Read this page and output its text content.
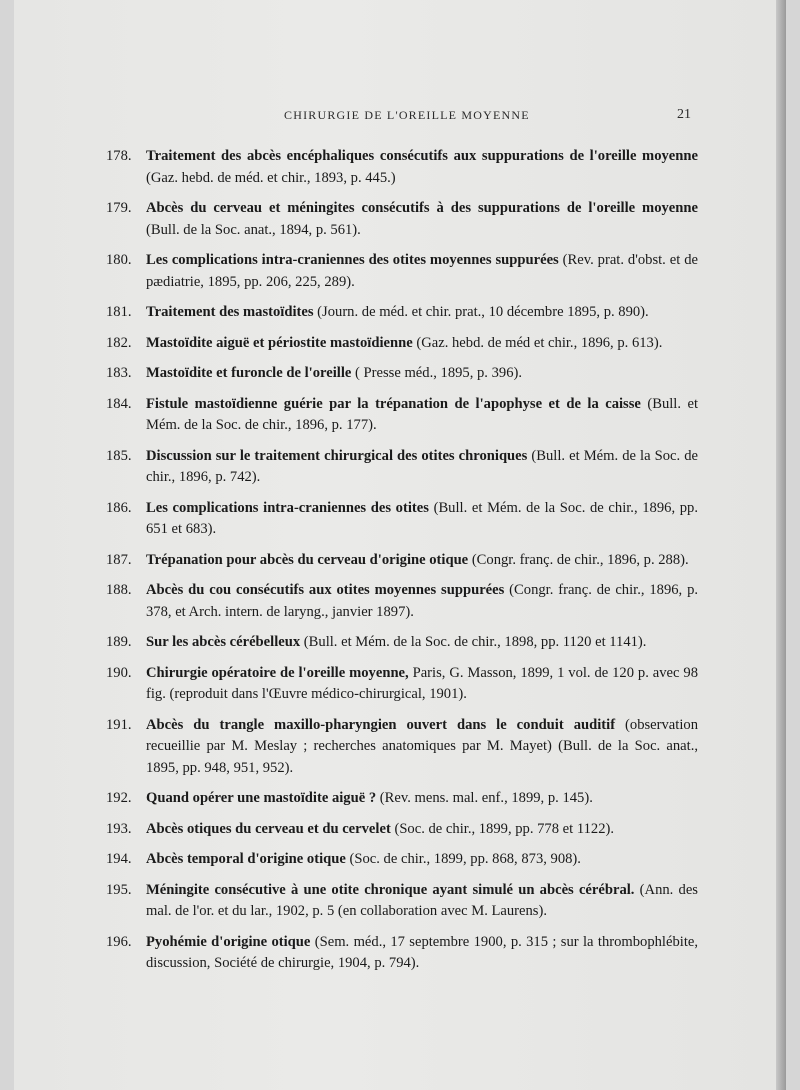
CHIRURGIE DE L'OREILLE MOYENNE	21
178. Traitement des abcès encéphaliques consécutifs aux suppurations de l'oreille moyenne (Gaz. hebd. de méd. et chir., 1893, p. 445.)
179. Abcès du cerveau et méningites consécutifs à des suppurations de l'oreille moyenne (Bull. de la Soc. anat., 1894, p. 561).
180. Les complications intra-craniennes des otites moyennes suppurées (Rev. prat. d'obst. et de pædiatrie, 1895, pp. 206, 225, 289).
181. Traitement des mastoïdites (Journ. de méd. et chir. prat., 10 décembre 1895, p. 890).
182. Mastoïdite aiguë et périostite mastoïdienne (Gaz. hebd. de méd et chir., 1896, p. 613).
183. Mastoïdite et furoncle de l'oreille ( Presse méd., 1895, p. 396).
184. Fistule mastoïdienne guérie par la trépanation de l'apophyse et de la caisse (Bull. et Mém. de la Soc. de chir., 1896, p. 177).
185. Discussion sur le traitement chirurgical des otites chroniques (Bull. et Mém. de la Soc. de chir., 1896, p. 742).
186. Les complications intra-craniennes des otites (Bull. et Mém. de la Soc. de chir., 1896, pp. 651 et 683).
187. Trépanation pour abcès du cerveau d'origine otique (Congr. franç. de chir., 1896, p. 288).
188. Abcès du cou consécutifs aux otites moyennes suppurées (Congr. franç. de chir., 1896, p. 378, et Arch. intern. de laryng., janvier 1897).
189. Sur les abcès cérébelleux (Bull. et Mém. de la Soc. de chir., 1898, pp. 1120 et 1141).
190. Chirurgie opératoire de l'oreille moyenne, Paris, G. Masson, 1899, 1 vol. de 120 p. avec 98 fig. (reproduit dans l'Œuvre médico-chirurgical, 1901).
191. Abcès du trangle maxillo-pharyngien ouvert dans le conduit auditif (observation recueillie par M. Meslay ; recherches anatomiques par M. Mayet) (Bull. de la Soc. anat., 1895, pp. 948, 951, 952).
192. Quand opérer une mastoïdite aiguë ? (Rev. mens. mal. enf., 1899, p. 145).
193. Abcès otiques du cerveau et du cervelet (Soc. de chir., 1899, pp. 778 et 1122).
194. Abcès temporal d'origine otique (Soc. de chir., 1899, pp. 868, 873, 908).
195. Méningite consécutive à une otite chronique ayant simulé un abcès cérébral. (Ann. des mal. de l'or. et du lar., 1902, p. 5 (en collaboration avec M. Laurens).
196. Pyohémie d'origine otique (Sem. méd., 17 septembre 1900, p. 315 ; sur la thrombophlébite, discussion, Société de chirurgie, 1904, p. 794).
